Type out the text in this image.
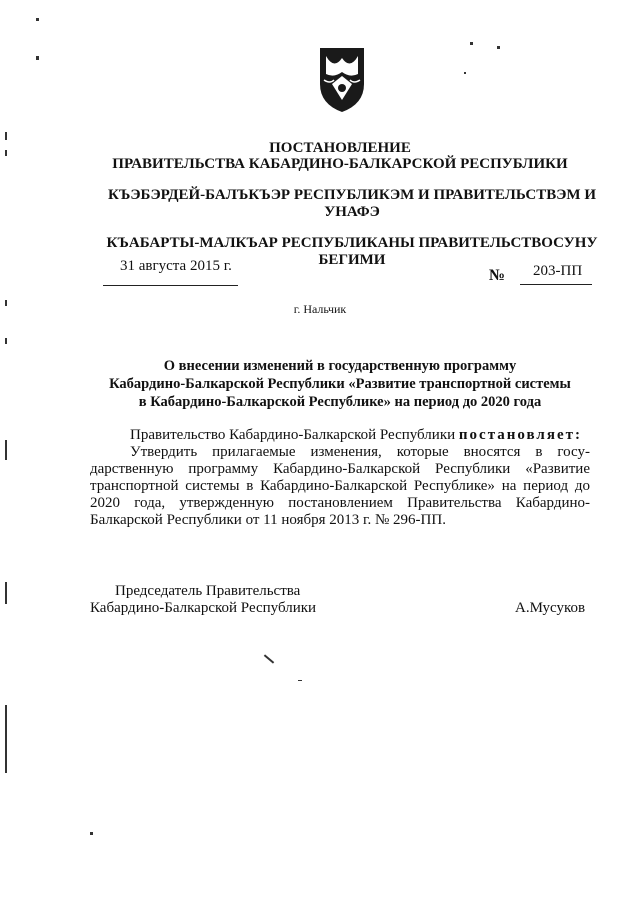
ПОСТАНОВЛЕНИЕ
ПРАВИТЕЛЬСТВА КАБАРДИНО-БАЛКАРСКОЙ РЕСПУБЛИКИ
КЪЭБЭРДЕЙ-БАЛЪКЪЭР РЕСПУБЛИКЭМ И ПРАВИТЕЛЬСТВЭМ И УНАФЭ
КЪАБАРТЫ-МАЛКЪАР РЕСПУБЛИКАНЫ ПРАВИТЕЛЬСТВОСУНУ БЕГИМИ
31 августа 2015 г.
№ 203-ПП
г. Нальчик
О внесении изменений в государственную программу
Кабардино-Балкарской Республики «Развитие транспортной системы
в Кабардино-Балкарской Республике» на период до 2020 года
Правительство Кабардино-Балкарской Республики постановляет:
Утвердить прилагаемые изменения, которые вносятся в госу-
дарственную программу Кабардино-Балкарской Республики «Развитие
транспортной системы в Кабардино-Балкарской Республике» на период до
2020 года, утвержденную постановлением Правительства Кабардино-
Балкарской Республики от 11 ноября 2013 г. № 296-ПП.
Председатель Правительства
Кабардино-Балкарской Республики	А.Мусуков
